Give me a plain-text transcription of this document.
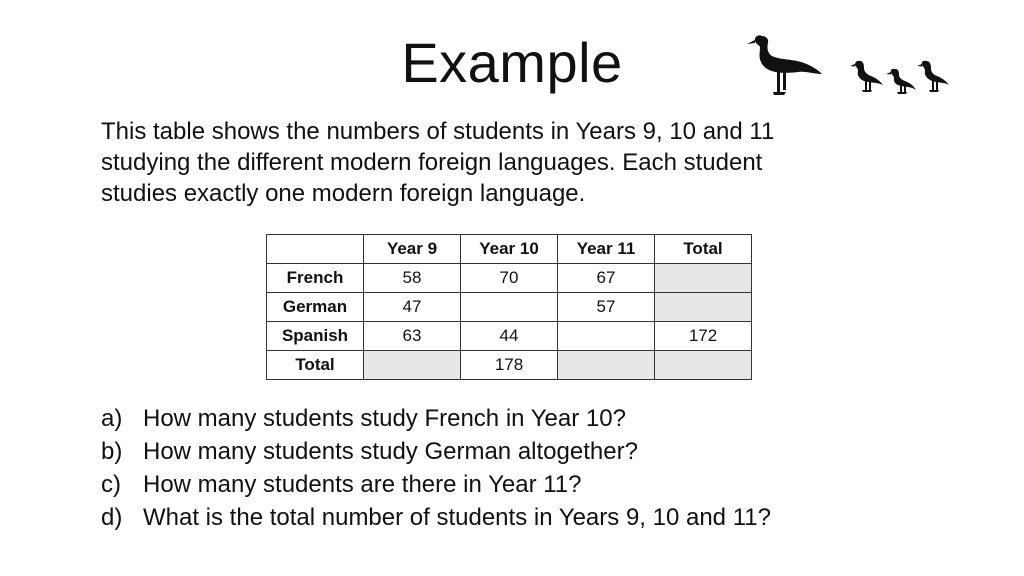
Example
This table shows the numbers of students in Years 9, 10 and 11
studying the different modern foreign languages. Each student
studies exactly one modern foreign language.
	Year 9	Year 10	Year 11	Total
French	58	70	67	
German	47		57	
Spanish	63	44		172
Total		178		
a) How many students study French in Year 10?
b) How many students study German altogether?
c) How many students are there in Year 11?
d) What is the total number of students in Years 9, 10 and 11?
